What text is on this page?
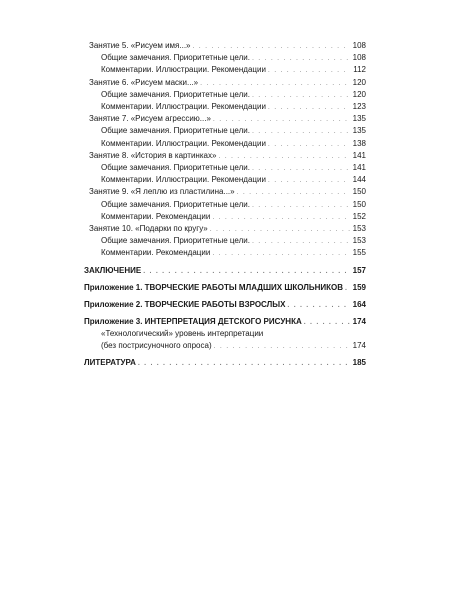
Занятие 5. «Рисуем имя...» . . .	108
Общие замечания. Приоритетные цели. . . .	108
Комментарии. Иллюстрации. Рекомендации . . .	112
Занятие 6. «Рисуем маски...» . . .	120
Общие замечания. Приоритетные цели. . . .	120
Комментарии. Иллюстрации. Рекомендации . . .	123
Занятие 7. «Рисуем агрессию...» . . .	135
Общие замечания. Приоритетные цели. . . .	135
Комментарии. Иллюстрации. Рекомендации . . .	138
Занятие 8. «История в картинках» . . .	141
Общие замечания. Приоритетные цели. . . .	141
Комментарии. Иллюстрации. Рекомендации . . .	144
Занятие 9. «Я леплю из пластилина...» . . .	150
Общие замечания. Приоритетные цели. . . .	150
Комментарии. Рекомендации . . .	152
Занятие 10. «Подарки по кругу» . . .	153
Общие замечания. Приоритетные цели. . . .	153
Комментарии. Рекомендации . . .	155
ЗАКЛЮЧЕНИЕ . . .	157
Приложение 1. ТВОРЧЕСКИЕ РАБОТЫ МЛАДШИХ ШКОЛЬНИКОВ . . . 159
Приложение 2. ТВОРЧЕСКИЕ РАБОТЫ ВЗРОСЛЫХ . . .	164
Приложение 3. ИНТЕРПРЕТАЦИЯ ДЕТСКОГО РИСУНКА . . .	174
«Технологический» уровень интерпретации
(без пострисуночного опроса) . . .	174
ЛИТЕРАТУРА . . .	185
